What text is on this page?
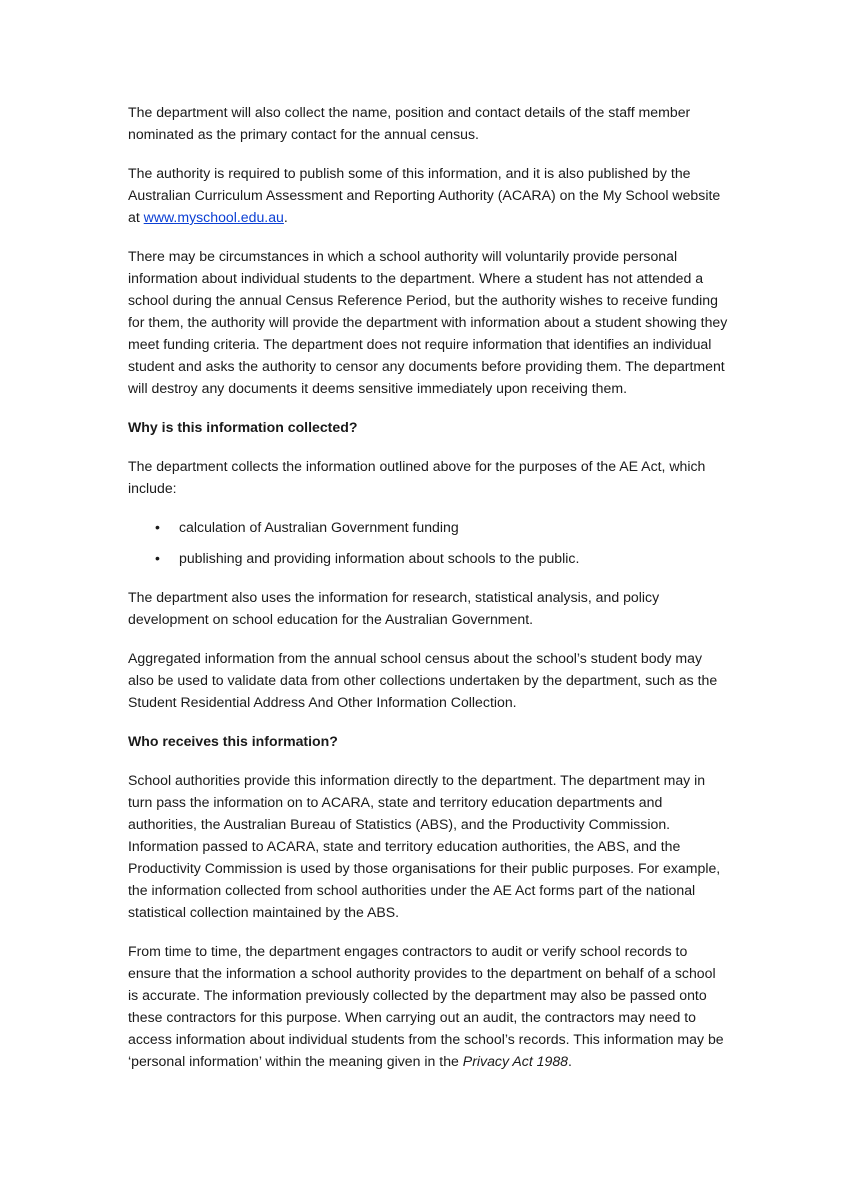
The department will also collect the name, position and contact details of the staff member nominated as the primary contact for the annual census.

The authority is required to publish some of this information, and it is also published by the Australian Curriculum Assessment and Reporting Authority (ACARA) on the My School website at www.myschool.edu.au.

There may be circumstances in which a school authority will voluntarily provide personal information about individual students to the department. Where a student has not attended a school during the annual Census Reference Period, but the authority wishes to receive funding for them, the authority will provide the department with information about a student showing they meet funding criteria. The department does not require information that identifies an individual student and asks the authority to censor any documents before providing them. The department will destroy any documents it deems sensitive immediately upon receiving them.

Why is this information collected?

The department collects the information outlined above for the purposes of the AE Act, which include:

• calculation of Australian Government funding
• publishing and providing information about schools to the public.

The department also uses the information for research, statistical analysis, and policy development on school education for the Australian Government.

Aggregated information from the annual school census about the school’s student body may also be used to validate data from other collections undertaken by the department, such as the Student Residential Address And Other Information Collection.

Who receives this information?

School authorities provide this information directly to the department. The department may in turn pass the information on to ACARA, state and territory education departments and authorities, the Australian Bureau of Statistics (ABS), and the Productivity Commission. Information passed to ACARA, state and territory education authorities, the ABS, and the Productivity Commission is used by those organisations for their public purposes. For example, the information collected from school authorities under the AE Act forms part of the national statistical collection maintained by the ABS.

From time to time, the department engages contractors to audit or verify school records to ensure that the information a school authority provides to the department on behalf of a school is accurate. The information previously collected by the department may also be passed onto these contractors for this purpose. When carrying out an audit, the contractors may need to access information about individual students from the school’s records. This information may be ‘personal information’ within the meaning given in the Privacy Act 1988.
